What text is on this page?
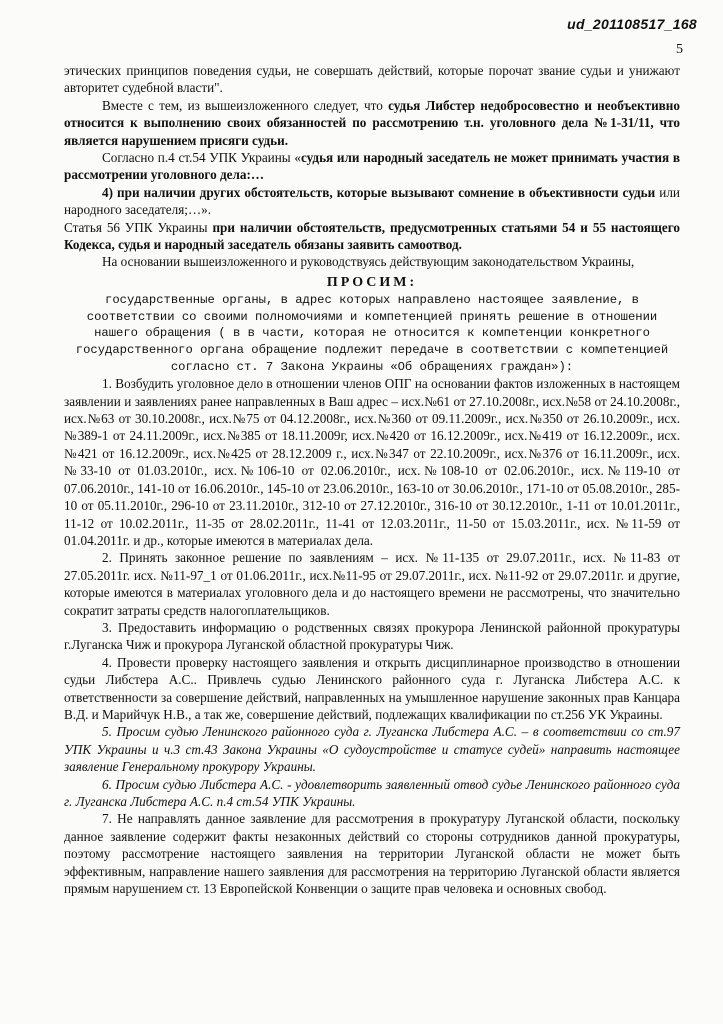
ud_201108517_168
5

этических принципов поведения судьи, не совершать действий, которые порочат звание судьи и унижают авторитет судебной власти".

Вместе с тем, из вышеизложенного следует, что судья Либстер недобросовестно и необъективно относится к выполнению своих обязанностей по рассмотрению т.н. уголовного дела №1-31/11, что является нарушением присяги судьи.

Согласно п.4 ст.54 УПК Украины «судья или народный заседатель не может принимать участия в рассмотрении уголовного дела:…

4) при наличии других обстоятельств, которые вызывают сомнение в объективности судьи или народного заседателя;…».

Статья 56 УПК Украины при наличии обстоятельств, предусмотренных статьями 54 и 55 настоящего Кодекса, судья и народный заседатель обязаны заявить самоотвод.

На основании вышеизложенного и руководствуясь действующим законодательством Украины,

ПРОСИМ:

государственные органы, в адрес которых направлено настоящее заявление, в соответствии со своими полномочиями и компетенцией принять решение в отношении нашего обращения ( в в части, которая не относится к компетенции конкретного государственного органа обращение подлежит передаче в соответствии с компетенцией согласно ст. 7 Закона Украины «Об обращениях граждан»):

1. Возбудить уголовное дело в отношении членов ОПГ на основании фактов изложенных в настоящем заявлении и заявлениях ранее направленных в Ваш адрес – исх.№61 от 27.10.2008г., исх.№58 от 24.10.2008г., исх.№63 от 30.10.2008г., исх.№75 от 04.12.2008г., исх.№360 от 09.11.2009г., исх.№350 от 26.10.2009г., исх.№389-1 от 24.11.2009г., исх.№385 от 18.11.2009г, исх.№420 от 16.12.2009г., исх.№419 от 16.12.2009г., исх.№421 от 16.12.2009г., исх.№425 от 28.12.2009 г., исх.№347 от 22.10.2009г., исх.№376 от 16.11.2009г., исх.№33-10 от 01.03.2010г., исх.№106-10 от 02.06.2010г., исх.№108-10 от 02.06.2010г., исх.№119-10 от 07.06.2010г., 141-10 от 16.06.2010г., 145-10 от 23.06.2010г., 163-10 от 30.06.2010г., 171-10 от 05.08.2010г., 285-10 от 05.11.2010г., 296-10 от 23.11.2010г., 312-10 от 27.12.2010г., 316-10 от 30.12.2010г., 1-11 от 10.01.2011г., 11-12 от 10.02.2011г., 11-35 от 28.02.2011г., 11-41 от 12.03.2011г., 11-50 от 15.03.2011г., исх. №11-59 от 01.04.2011г. и др., которые имеются в материалах дела.

2. Принять законное решение по заявлениям – исх. №11-135 от 29.07.2011г., исх. №11-83 от 27.05.2011г. исх. №11-97_1 от 01.06.2011г., исх.№11-95 от 29.07.2011г., исх. №11-92 от 29.07.2011г. и другие, которые имеются в материалах уголовного дела и до настоящего времени не рассмотрены, что значительно сократит затраты средств налогоплательщиков.

3. Предоставить информацию о родственных связях прокурора Ленинской районной прокуратуры г.Луганска Чиж и прокурора Луганской областной прокуратуры Чиж.

4. Провести проверку настоящего заявления и открыть дисциплинарное производство в отношении судьи Либстера А.С.. Привлечь судью Ленинского районного суда г. Луганска Либстера А.С. к ответственности за совершение действий, направленных на умышленное нарушение законных прав Канцара В.Д. и Марийчук Н.В., а так же, совершение действий, подлежащих квалификации по ст.256 УК Украины.

5. Просим судью Ленинского районного суда г. Луганска Либстера А.С. – в соответствии со ст.97 УПК Украины и ч.3 ст.43 Закона Украины «О судоустройстве и статусе судей» направить настоящее заявление Генеральному прокурору Украины.

6. Просим судью Либстера А.С. - удовлетворить заявленный отвод судье Ленинского районного суда г. Луганска Либстера А.С. п.4 ст.54 УПК Украины.

7. Не направлять данное заявление для рассмотрения в прокуратуру Луганской области, поскольку данное заявление содержит факты незаконных действий со стороны сотрудников данной прокуратуры, поэтому рассмотрение настоящего заявления на территории Луганской области не может быть эффективным, направление нашего заявления для рассмотрения на территорию Луганской области является прямым нарушением ст. 13 Европейской Конвенции о защите прав человека и основных свобод.
